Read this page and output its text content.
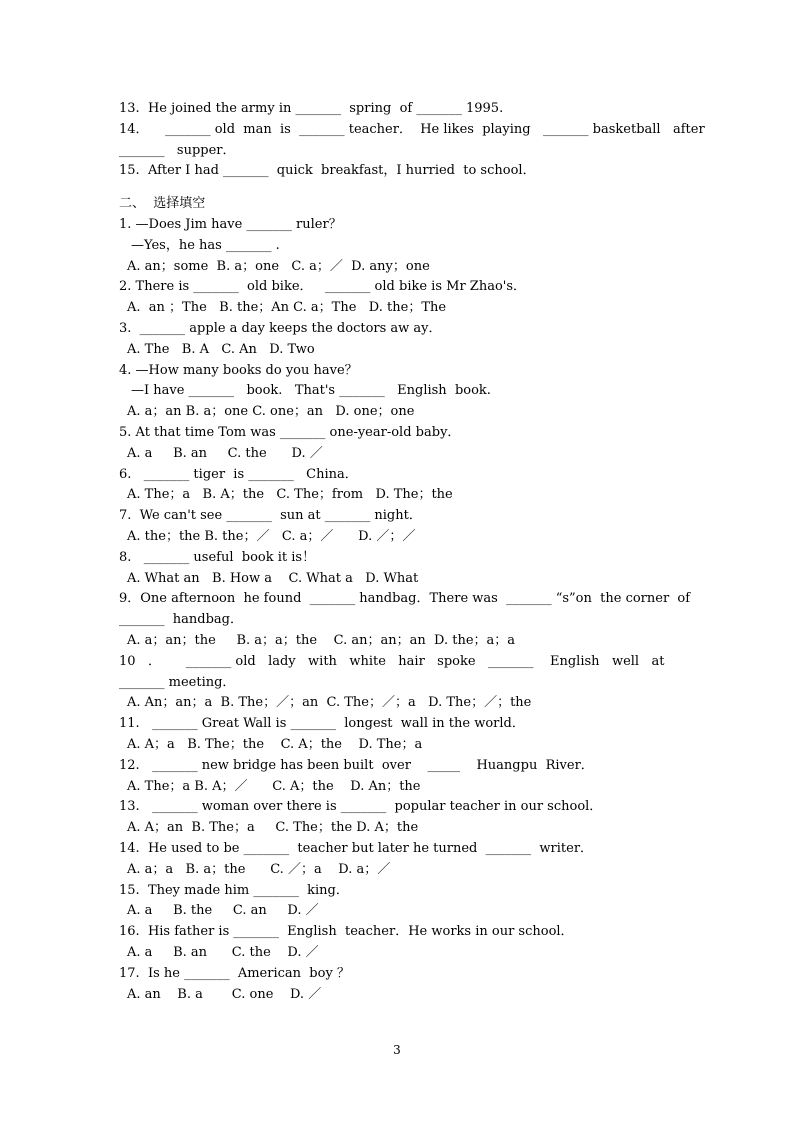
13.  He joined the army in _______  spring  of _______ 1995.
14．    _______ old  man  is  _______ teacher．  He likes  playing   _______ basketball   after
_______   supper．
15.  After I had _______  quick  breakfast，I hurried  to school．
二、  选择填空
1. —Does Jim have _______ ruler？
—Yes，he has _______ .
A. an；some  B. a；one   C. a；／  D. any；one
2. There is _______  old bike．   _______ old bike is Mr Zhao's．
A.  an ；The   B. the；An C. a；The   D. the；The
3.  _______ apple a day keeps the doctors aw ay．
A. The   B. A   C. An   D. Two
4. —How many books do you have？
—I have _______   book.   That's _______   English  book.
A. a；an B. a；one C. one；an   D. one；one
5. At that time Tom was _______ one-year-old baby．
A. a     B. an     C. the      D. ／
6.   _______ tiger  is _______   China．
A. The；a   B. A；the   C. The；from   D. The；the
7.  We can't see _______  sun at _______ night．
A. the；the B. the；／   C. a；／      D. ／；／
8.   _______ useful  book it is！
A. What an   B. How a    C. What a   D. What
9．One afternoon  he found  _______ handbag．There was  _______ “s”on  the corner  of
_______  handbag．
A. a；an；the     B. a；a；the    C. an；an；an  D. the；a；a
10   ．      _______ old   lady   with   white   hair   spoke   _______    English   well   at
_______ meeting．
A. An；an；a  B. The；／；an  C. The；／；a   D. The；／；the
11.   _______ Great Wall is _______  longest  wall in the world．
A. A；a   B. The；the    C. A；the    D. The；a
12.   _______ new bridge has been built  over    _____    Huangpu  River．
A. The；a B. A；／      C. A；the    D. An；the
13.   _______ woman over there is _______  popular teacher in our school．
A. A；an  B. The；a     C. The；the D. A；the
14.  He used to be _______  teacher but later he turned  _______  writer．
A. a；a   B. a；the      C. ／；a    D. a；／
15.  They made him _______  king．
A. a     B. the     C. an     D. ／
16.  His father is _______  English  teacher．He works in our school．
A. a     B. an      C. the    D. ／
17.  Is he _______  American  boy ？
A. an    B. a       C. one    D. ／
3
